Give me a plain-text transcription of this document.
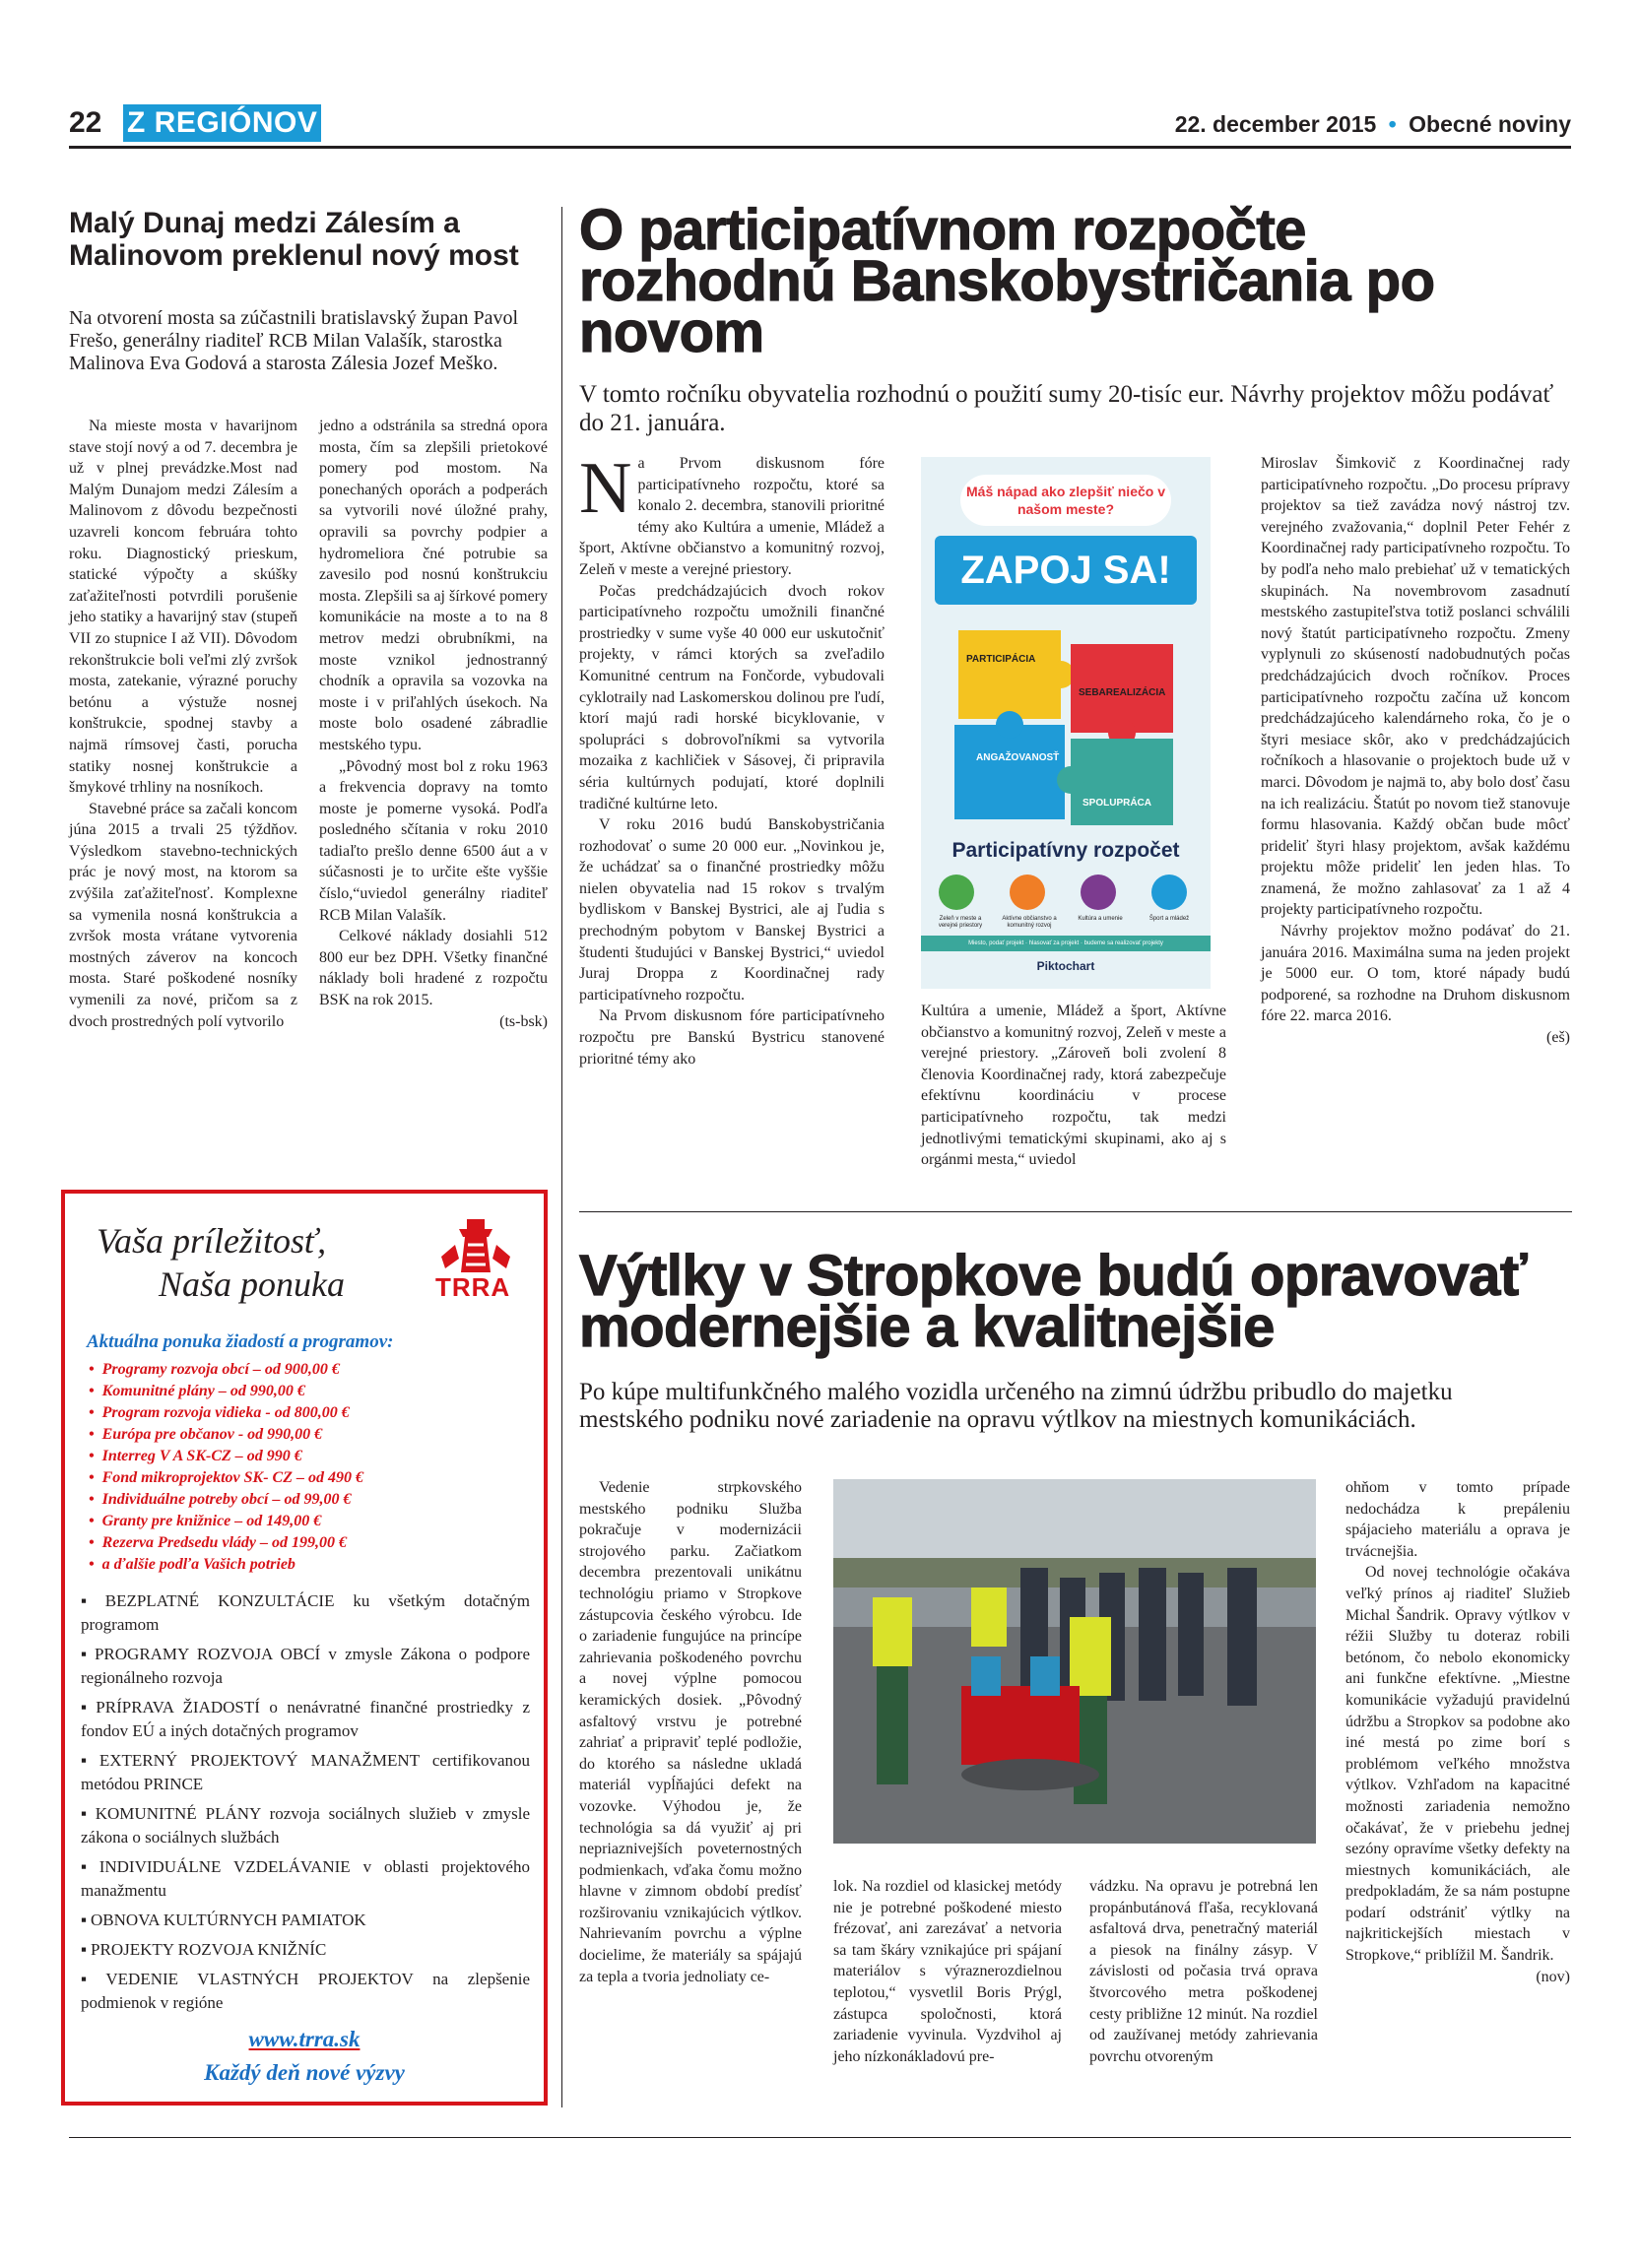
22 Z REGIÓNOV	22. december 2015 • Obecné noviny
Malý Dunaj medzi Zálesím a Malinovom preklenul nový most
Na otvorení mosta sa zúčastnili bratislavský župan Pavol Frešo, generálny riaditeľ RCB Milan Valašík, starostka Malinova Eva Godová a starosta Zálesia Jozef Meško.

Na mieste mosta v havarijnom stave stojí nový a od 7. decembra je už v plnej prevádzke.Most nad Malým Dunajom medzi Zálesím a Malinovom z dôvodu bezpečnosti uzavreli koncom februára tohto roku. Diagnostický prieskum, statické výpočty a skúšky zaťažiteľnosti potvrdili porušenie jeho statiky a havarijný stav (stupeň VII zo stupnice I až VII). Dôvodom rekonštrukcie boli veľmi zlý zvršok mosta, zatekanie, výrazné poruchy betónu a výstuže nosnej konštrukcie, spodnej stavby a najmä rímsovej časti, porucha statiky nosnej konštrukcie a šmykové trhliny na nosníkoch.

Stavebné práce sa začali koncom júna 2015 a trvali 25 týždňov. Výsledkom stavebno-technických prác je nový most, na ktorom sa zvýšila zaťažiteľnosť. Komplexne sa vymenila nosná konštrukcia a zvršok mosta vrátane vytvorenia mostných záverov na koncoch mosta. Staré poškodené nosníky vymenili za nové, pričom sa z dvoch prostredných polí vytvorilo

jedno a odstránila sa stredná opora mosta, čím sa zlepšili prietokové pomery pod mostom. Na ponechaných oporách a podperách sa vytvorili nové úložné prahy, opravili sa povrchy podpier a hydromeliora čné potrubie sa zavesilo pod nosnú konštrukciu mosta. Zlepšili sa aj šírkové pomery komunikácie na moste a to na 8 metrov medzi obrubníkmi, na moste vznikol jednostranný chodník a opravila sa vozovka na moste i v priľahlých úsekoch. Na moste bolo osadené zábradlie mestského typu.

„Pôvodný most bol z roku 1963 a frekvencia dopravy na tomto moste je pomerne vysoká. Podľa posledného sčítania v roku 2010 tadiaľto prešlo denne 6500 áut a v súčasnosti je to určite ešte vyššie číslo,“uviedol generálny riaditeľ RCB Milan Valašík.

Celkové náklady dosiahli 512 800 eur bez DPH. Všetky finančné náklady boli hradené z rozpočtu BSK na rok 2015.

(ts-bsk)

Vaša príležitosť,
Naša ponuka	TRRA
Aktuálna ponuka žiadostí a programov:
• Programy rozvoja obcí – od 900,00 €
• Komunitné plány – od 990,00 €
• Program rozvoja vidieka - od 800,00 €
• Európa pre občanov - od 990,00 €
• Interreg V A SK-CZ – od 990 €
• Fond mikroprojektov SK- CZ – od 490 €
• Individuálne potreby obcí – od 99,00 €
• Granty pre knižnice – od 149,00 €
• Rezerva Predsedu vlády – od 199,00 €
• a ďalšie podľa Vašich potrieb
▪ BEZPLATNÉ KONZULTÁCIE ku všetkým dotačným programom
▪ PROGRAMY ROZVOJA OBCÍ v zmysle Zákona o podpore regionálneho rozvoja
▪ PRÍPRAVA ŽIADOSTÍ o nenávratné finančné prostriedky z fondov EÚ a iných dotačných programov
▪ EXTERNÝ PROJEKTOVÝ MANAŽMENT certifikovanou metódou PRINCE
▪ KOMUNITNÉ PLÁNY rozvoja sociálnych služieb v zmysle zákona o sociálnych službách
▪ INDIVIDUÁLNE VZDELÁVANIE v oblasti projektového manažmentu
▪ OBNOVA KULTÚRNYCH PAMIATOK
▪ PROJEKTY ROZVOJA KNIŽNÍC
▪ VEDENIE VLASTNÝCH PROJEKTOV na zlepšenie podmienok v regióne
www.trra.sk
Každý deň nové výzvy
O participatívnom rozpočte rozhodnú Banskobystričania po novom
V tomto ročníku obyvatelia rozhodnú o použití sumy 20-tisíc eur. Návrhy projektov môžu podávať do 21. januára.

Na Prvom diskusnom fóre participatívneho rozpočtu, ktoré sa konalo 2. decembra, stanovili prioritné témy ako Kultúra a umenie, Mládež a šport, Aktívne občianstvo a komunitný rozvoj, Zeleň v meste a verejné priestory.

Počas predchádzajúcich dvoch rokov participatívneho rozpočtu umožnili finančné prostriedky v sume vyše 40 000 eur uskutočniť projekty, v rámci ktorých sa zveľadilo Komunitné centrum na Fončorde, vybudovali cyklotraily nad Laskomerskou dolinou pre ľudí, ktorí majú radi horské bicyklovanie, v spolupráci s dobrovoľníkmi sa vytvorila mozaika z kachličiek v Sásovej, či pripravila séria kultúrnych podujatí, ktoré doplnili tradičné kultúrne leto.

V roku 2016 budú Banskobystričania rozhodovať o sume 20 000 eur. „Novinkou je, že uchádzať sa o finančné prostriedky môžu nielen obyvatelia nad 15 rokov s trvalým bydliskom v Banskej Bystrici, ale aj ľudia s prechodným pobytom v Banskej Bystrici a študenti študujúci v Banskej Bystrici,“ uviedol Juraj Droppa z Koordinačnej rady participatívneho rozpočtu.

Na Prvom diskusnom fóre participatívneho rozpočtu pre Banskú Bystricu stanovené prioritné témy ako

Máš nápad ako zlepšiť niečo v našom meste?
ZAPOJ SA!
PARTICIPÁCIA
SEBAREALIZÁCIA
ANGAŽOVANOSŤ
SPOLUPRÁCA
Participatívny rozpočet
Zeleň v meste a verejné priestory
Aktívne občianstvo a komunitný rozvoj
Kultúra a umenie	Šport a mládež
Miesto, podať projekt · hlasovať za projekt · budeme sa realizovať projekty
Piktochart

Kultúra a umenie, Mládež a šport, Aktívne občianstvo a komunitný rozvoj, Zeleň v meste a verejné priestory. „Zároveň boli zvolení 8 členovia Koordinačnej rady, ktorá zabezpečuje efektívnu koordináciu v procese participatívneho rozpočtu, tak medzi jednotlivými tematickými skupinami, ako aj s orgánmi mesta,“ uviedol

Miroslav Šimkovič z Koordinačnej rady participatívneho rozpočtu. „Do procesu prípravy projektov sa tiež zavádza nový nástroj tzv. verejného zvažovania,“ doplnil Peter Fehér z Koordinačnej rady participatívneho rozpočtu. To by podľa neho malo prebiehať už v tematických skupinách. Na novembrovom zasadnutí mestského zastupiteľstva totiž poslanci schválili nový štatút participatívneho rozpočtu. Zmeny vyplynuli zo skúseností nadobudnutých počas predchádzajúcich dvoch ročníkov. Proces participatívneho rozpočtu začína už koncom predchádzajúceho kalendárneho roka, čo je o štyri mesiace skôr, ako v predchádzajúcich ročníkoch a hlasovanie o projektoch bude už v marci. Dôvodom je najmä to, aby bolo dosť času na ich realizáciu. Štatút po novom tiež stanovuje formu hlasovania. Každý občan bude môcť prideliť štyri hlasy projektom, avšak každému projektu môže prideliť len jeden hlas. To znamená, že možno zahlasovať za 1 až 4 projekty participatívneho rozpočtu.

Návrhy projektov možno podávať do 21. januára 2016. Maximálna suma na jeden projekt je 5000 eur. O tom, ktoré nápady budú podporené, sa rozhodne na Druhom diskusnom fóre 22. marca 2016.

(eš)

Výtlky v Stropkove budú opravovať modernejšie a kvalitnejšie
Po kúpe multifunkčného malého vozidla určeného na zimnú údržbu pribudlo do majetku mestského podniku nové zariadenie na opravu výtlkov na miestnych komunikáciách.

Vedenie strpkovského mestského podniku Služba pokračuje v modernizácii strojového parku. Začiatkom decembra prezentovali unikátnu technológiu priamo v Stropkove zástupcovia českého výrobcu. Ide o zariadenie fungujúce na princípe zahrievania poškodeného povrchu a novej výplne pomocou keramických dosiek. „Pôvodný asfaltový vrstvu je potrebné zahriať a pripraviť teplé podložie, do ktorého sa následne ukladá materiál vypĺňajúci defekt na vozovke. Výhodou je, že technológia sa dá využiť aj pri nepriaznivejších poveternostných podmienkach, vďaka čomu možno hlavne v zimnom období predísť rozširovaniu vznikajúcich výtlkov. Nahrievaním povrchu a výplne docielime, že materiály sa spájajú za tepla a tvoria jednoliaty ce-

lok. Na rozdiel od klasickej metódy nie je potrebné poškodené miesto frézovať, ani zarezávať a netvoria sa tam škáry vznikajúce pri spájaní materiálov s výraznerozdielnou teplotou,“ vysvetlil Boris Prýgl, zástupca spoločnosti, ktorá zariadenie vyvinula. Vyzdvihol aj jeho nízkonákladovú pre-

vádzku. Na opravu je potrebná len propánbutánová fľaša, recyklovaná asfaltová drva, penetračný materiál a piesok na finálny zásyp. V závislosti od počasia trvá oprava štvorcového metra poškodenej cesty približne 12 minút. Na rozdiel od zaužívanej metódy zahrievania povrchu otvoreným

ohňom v tomto prípade nedochádza k prepáleniu spájacieho materiálu a oprava je trvácnejšia.

Od novej technológie očakáva veľký prínos aj riaditeľ Služieb Michal Šandrik. Opravy výtlkov v réžii Služby tu doteraz robili betónom, čo nebolo ekonomicky ani funkčne efektívne. „Miestne komunikácie vyžadujú pravidelnú údržbu a Stropkov sa podobne ako iné mestá po zime borí s problémom veľkého množstva výtlkov. Vzhľadom na kapacitné možnosti zariadenia nemožno očakávať, že v priebehu jednej sezóny opravíme všetky defekty na miestnych komunikáciách, ale predpokladám, že sa nám postupne podarí odstrániť výtlky na najkritickejších miestach v Stropkove,“ priblížil M. Šandrik.

(nov)
